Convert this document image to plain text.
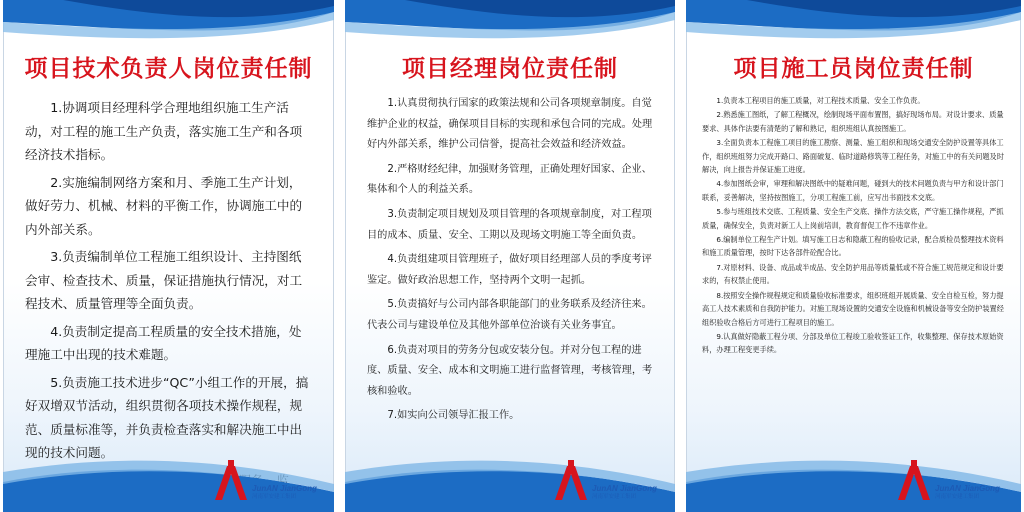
项目技术负责人岗位责任制

1.协调项目经理科学合理地组织施工生产活动，对工程的施工生产负责，落实施工生产和各项经济技术指标。

2.实施编制网络方案和月、季施工生产计划，做好劳力、机械、材料的平衡工作，协调施工中的内外部关系。

3.负责编制单位工程施工组织设计、主持图纸会审、检查技术、质量，保证措施执行情况，对工程技术、质量管理等全面负责。

4.负责制定提高工程质量的安全技术措施，处理施工中出现的技术难题。

5.负责施工技术进步“QC”小组工作的开展，搞好双增双节活动，组织贯彻各项技术操作规程，规范、质量标准等，并负责检查落实和解决施工中出现的技术问题。

JunAN JianGong
河南军安建工集团
项目经理岗位责任制

1.认真贯彻执行国家的政策法规和公司各项规章制度。自觉维护企业的权益，确保项目目标的实现和承包合同的完成。处理好内外部关系，维护公司信誉，提高社会效益和经济效益。

2.严格财经纪律，加强财务管理，正确处理好国家、企业、集体和个人的利益关系。

3.负责制定项目规划及项目管理的各项规章制度，对工程项目的成本、质量、安全、工期以及现场文明施工等全面负责。

4.负责组建项目管理班子，做好项目经理部人员的季度考评鉴定。做好政治思想工作，坚持两个文明一起抓。

5.负责搞好与公司内部各职能部门的业务联系及经济往来。代表公司与建设单位及其他外部单位治谈有关业务事宜。

6.负责对项目的劳务分包或安装分包。并对分包工程的进度、质量、安全、成本和文明施工进行监督管理，考核管理，考核和验收。

7.如实向公司领导汇报工作。

JunAN JianGong
河南军安建工集团
项目施工员岗位责任制

1.负责本工程项目的施工质量，对工程技术质量、安全工作负责。

2.熟悉施工图纸，了解工程概况，绘制现场平面布置图，搞好现场布局。对设计要求、质量要求、具体作法要有清楚的了解和熟记，组织班组认真按图施工。

3.全面负责本工程施工项目的施工勘察、测量、施工组织和现场交通安全防护设置等具体工作，组织班组努力完成开路口、路面破复、临时道路修筑等工程任务，对施工中的有关问题及时解决，向上报告并保证施工进度。

4.参加图纸会审，审理和解决图纸中的疑难问题，碰到大的技术问题负责与甲方和设计部门联系，妥善解决，坚持按图施工，分项工程施工前，应写出书面技术交底。

5.参与班组技术交底、工程质量、安全生产交底、操作方法交底，严守施工操作规程，严抓质量，确保安全，负责对新工人上岗前培训，教育督促工作不违章作业。

6.编制单位工程生产计划。填写施工日志和隐蔽工程的验收记录，配合质检员整理技术资料和施工质量管理，按时下达各部件砼配合比。

7.对原材料、设备、成品或半成品、安全防护用品等质量低或不符合施工规范规定和设计要求的，有权禁止使用。

8.按照安全操作规程规定和质量验收标准要求，组织班组开展质量、安全自检互检，努力提高工人技术素质和自我防护能力。对施工现场设置的交通安全设施和机械设备等安全防护装置经组织验收合格后方可进行工程项目的施工。

9.认真做好隐蔽工程分项、分部及单位工程竣工验收签证工作，收集整理、保存技术原始资料，办理工程变更手续。

JunAN JianGong
河南军安建工集团
